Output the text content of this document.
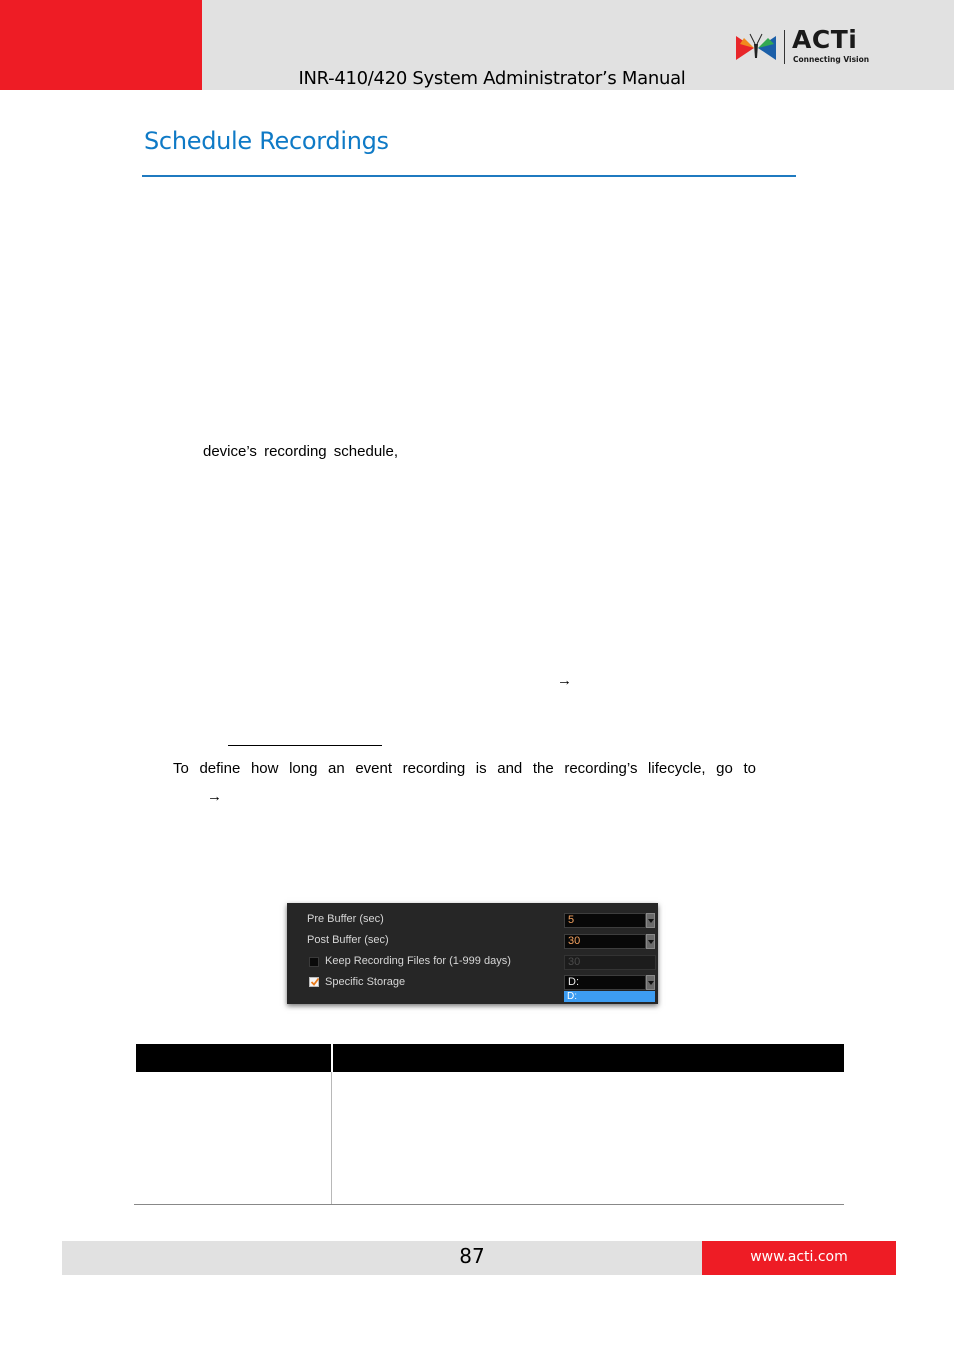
INR-410/420 System Administrator’s Manual
ACTi
Connecting Vision
Schedule Recordings
device’s recording schedule,
→
To define how long an event recording is and the recording’s lifecycle, go to
→
Pre Buffer (sec)	5
Post Buffer (sec)	30
Keep Recording Files for (1-999 days)	30
Specific Storage	D:
D:
87	www.acti.com
